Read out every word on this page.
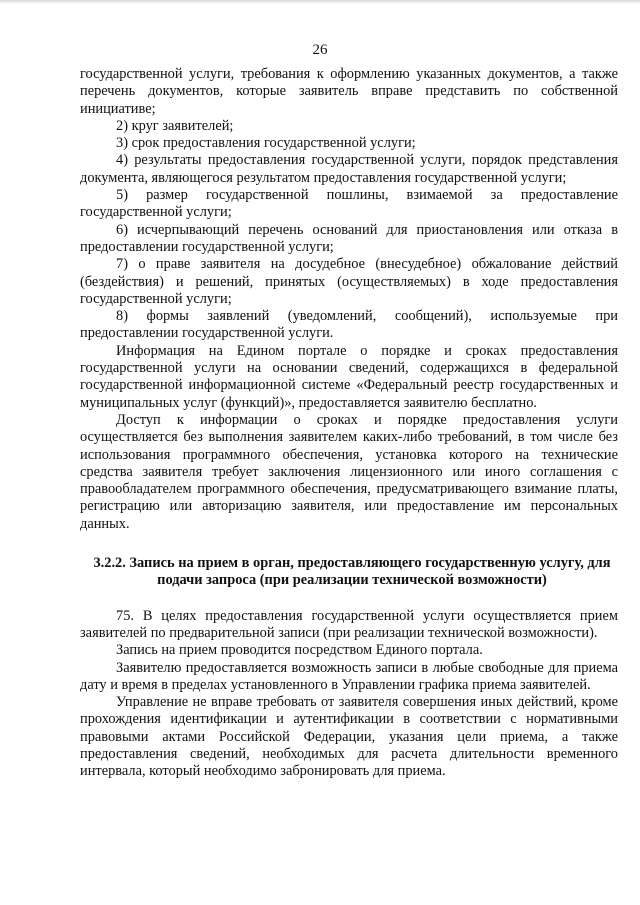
26

государственной услуги, требования к оформлению указанных документов, а также перечень документов, которые заявитель вправе представить по собственной инициативе;

2) круг заявителей;

3) срок предоставления государственной услуги;

4) результаты предоставления государственной услуги, порядок представления документа, являющегося результатом предоставления государственной услуги;

5) размер государственной пошлины, взимаемой за предоставление государственной услуги;

6) исчерпывающий перечень оснований для приостановления или отказа в предоставлении государственной услуги;

7) о праве заявителя на досудебное (внесудебное) обжалование действий (бездействия) и решений, принятых (осуществляемых) в ходе предоставления государственной услуги;

8) формы заявлений (уведомлений, сообщений), используемые при предоставлении государственной услуги.

Информация на Едином портале о порядке и сроках предоставления государственной услуги на основании сведений, содержащихся в федеральной государственной информационной системе «Федеральный реестр государственных и муниципальных услуг (функций)», предоставляется заявителю бесплатно.

Доступ к информации о сроках и порядке предоставления услуги осуществляется без выполнения заявителем каких-либо требований, в том числе без использования программного обеспечения, установка которого на технические средства заявителя требует заключения лицензионного или иного соглашения с правообладателем программного обеспечения, предусматривающего взимание платы, регистрацию или авторизацию заявителя, или предоставление им персональных данных.

3.2.2. Запись на прием в орган, предоставляющего государственную услугу, для подачи запроса (при реализации технической возможности)

75. В целях предоставления государственной услуги осуществляется прием заявителей по предварительной записи (при реализации технической возможности).

Запись на прием проводится посредством Единого портала.

Заявителю предоставляется возможность записи в любые свободные для приема дату и время в пределах установленного в Управлении графика приема заявителей.

Управление не вправе требовать от заявителя совершения иных действий, кроме прохождения идентификации и аутентификации в соответствии с нормативными правовыми актами Российской Федерации, указания цели приема, а также предоставления сведений, необходимых для расчета длительности временного интервала, который необходимо забронировать для приема.
